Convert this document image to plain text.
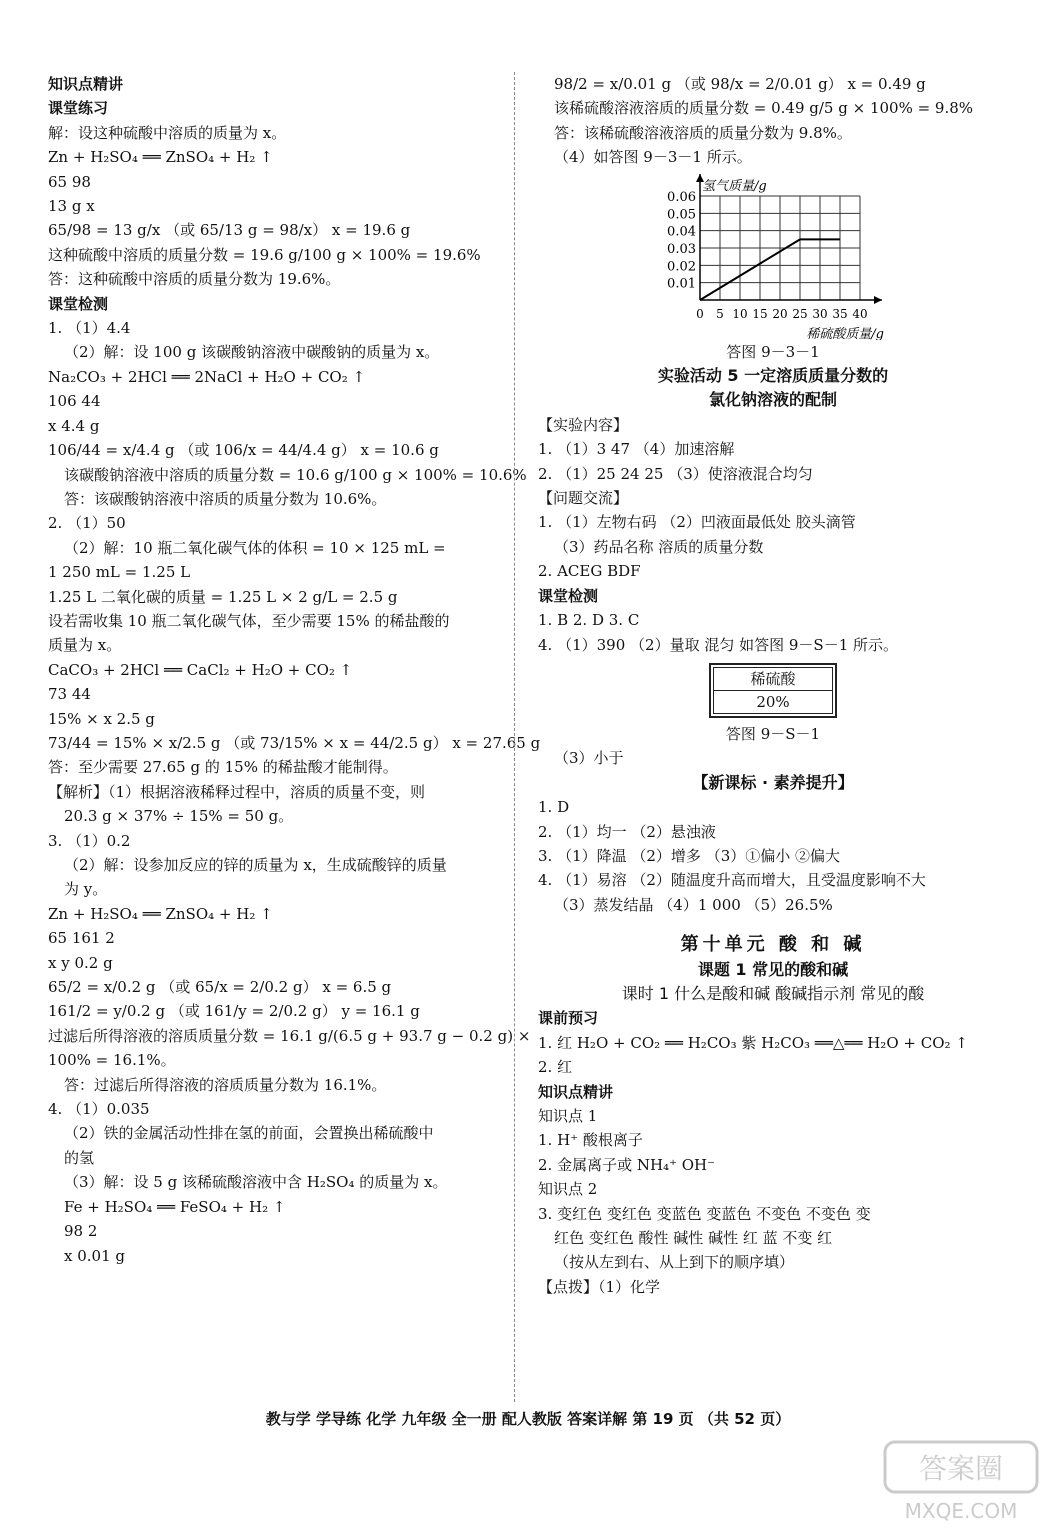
知识点精讲
课堂练习
解：设这种硫酸中溶质的质量为 x。
Zn + H₂SO₄ ══ ZnSO₄ + H₂ ↑
65 98
13 g x
65/98 = 13 g/x （或 65/13 g = 98/x） x = 19.6 g
这种硫酸中溶质的质量分数 = 19.6 g/100 g × 100% = 19.6%
答：这种硫酸中溶质的质量分数为 19.6%。
课堂检测
1. （1）4.4
（2）解：设 100 g 该碳酸钠溶液中碳酸钠的质量为 x。
Na₂CO₃ + 2HCl ══ 2NaCl + H₂O + CO₂ ↑
106 44
x 4.4 g
106/44 = x/4.4 g （或 106/x = 44/4.4 g） x = 10.6 g
该碳酸钠溶液中溶质的质量分数 = 10.6 g/100 g × 100% = 10.6%
答：该碳酸钠溶液中溶质的质量分数为 10.6%。
2. （1）50
（2）解：10 瓶二氧化碳气体的体积 = 10 × 125 mL =
1 250 mL = 1.25 L
1.25 L 二氧化碳的质量 = 1.25 L × 2 g/L = 2.5 g
设若需收集 10 瓶二氧化碳气体，至少需要 15% 的稀盐酸的
质量为 x。
CaCO₃ + 2HCl ══ CaCl₂ + H₂O + CO₂ ↑
73 44
15% × x 2.5 g
73/44 = 15% × x/2.5 g （或 73/15% × x = 44/2.5 g） x = 27.65 g
答：至少需要 27.65 g 的 15% 的稀盐酸才能制得。
【解析】（1）根据溶液稀释过程中，溶质的质量不变，则
20.3 g × 37% ÷ 15% = 50 g。
3. （1）0.2
（2）解：设参加反应的锌的质量为 x，生成硫酸锌的质量
为 y。
Zn + H₂SO₄ ══ ZnSO₄ + H₂ ↑
65 161 2
x y 0.2 g
65/2 = x/0.2 g （或 65/x = 2/0.2 g） x = 6.5 g
161/2 = y/0.2 g （或 161/y = 2/0.2 g） y = 16.1 g
过滤后所得溶液的溶质质量分数 = 16.1 g/(6.5 g + 93.7 g − 0.2 g) ×
100% = 16.1%。
答：过滤后所得溶液的溶质质量分数为 16.1%。
4. （1）0.035
（2）铁的金属活动性排在氢的前面，会置换出稀硫酸中
的氢
（3）解：设 5 g 该稀硫酸溶液中含 H₂SO₄ 的质量为 x。
Fe + H₂SO₄ ══ FeSO₄ + H₂ ↑
98 2
x 0.01 g
98/2 = x/0.01 g （或 98/x = 2/0.01 g） x = 0.49 g
该稀硫酸溶液溶质的质量分数 = 0.49 g/5 g × 100% = 9.8%
答：该稀硫酸溶液溶质的质量分数为 9.8%。
（4）如答图 9－3－1 所示。
0.06
0.05
0.04
0.03
0.02
0.01
0 5 10 15 20 25 30 35 40
氢气质量/g
稀硫酸质量/g
答图 9－3－1
实验活动 5 一定溶质质量分数的
氯化钠溶液的配制
【实验内容】
1. （1）3 47 （4）加速溶解
2. （1）25 24 25 （3）使溶液混合均匀
【问题交流】
1. （1）左物右码 （2）凹液面最低处 胶头滴管
（3）药品名称 溶质的质量分数
2. ACEG BDF
课堂检测
1. B 2. D 3. C
4. （1）390 （2）量取 混匀 如答图 9－S－1 所示。
稀硫酸
20%
答图 9－S－1
（3）小于
【新课标 · 素养提升】
1. D
2. （1）均一 （2）悬浊液
3. （1）降温 （2）增多 （3）①偏小 ②偏大
4. （1）易溶 （2）随温度升高而增大，且受温度影响不大
（3）蒸发结晶 （4）1 000 （5）26.5%
第十单元 酸 和 碱
课题 1 常见的酸和碱
课时 1 什么是酸和碱 酸碱指示剂 常见的酸
课前预习
1. 红 H₂O + CO₂ ══ H₂CO₃ 紫 H₂CO₃ ══△══ H₂O + CO₂ ↑
2. 红
知识点精讲
知识点 1
1. H⁺ 酸根离子
2. 金属离子或 NH₄⁺ OH⁻
知识点 2
3. 变红色 变红色 变蓝色 变蓝色 不变色 不变色 变
红色 变红色 酸性 碱性 碱性 红 蓝 不变 红
（按从左到右、从上到下的顺序填）
【点拨】（1）化学
教与学 学导练 化学 九年级 全一册 配人教版 答案详解 第 19 页 （共 52 页）
答案圈
MXQE.COM
